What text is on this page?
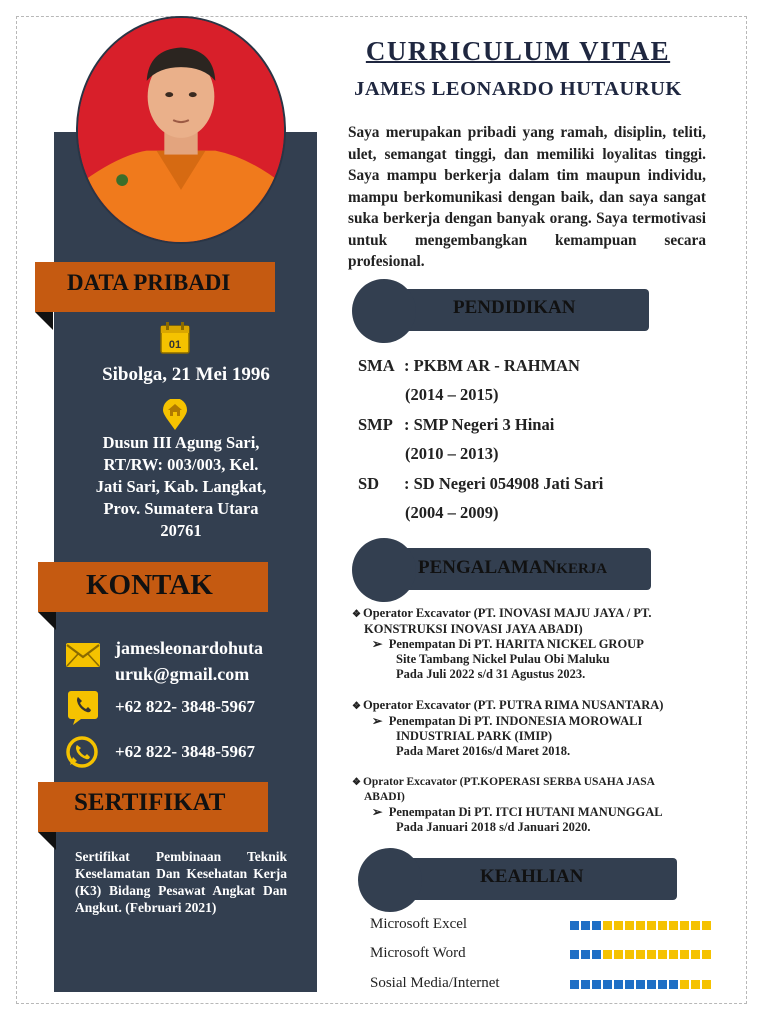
DATA PRIBADI
01
Sibolga, 21 Mei 1996
Dusun III Agung Sari,
RT/RW: 003/003, Kel.
Jati Sari, Kab. Langkat,
Prov. Sumatera Utara
20761
KONTAK
jamesleonardohuta
uruk@gmail.com
+62 822- 3848-5967
+62 822- 3848-5967
SERTIFIKAT
Sertifikat Pembinaan Teknik Keselamatan Dan Kesehatan Kerja (K3) Bidang Pesawat Angkat Dan Angkut. (Februari 2021)
CURRICULUM VITAE
JAMES LEONARDO HUTAURUK
Saya merupakan pribadi yang ramah, disiplin, teliti, ulet, semangat tinggi, dan memiliki loyalitas tinggi. Saya mampu berkerja dalam tim maupun individu, mampu berkomunikasi dengan baik, dan saya sangat suka berkerja dengan banyak orang. Saya termotivasi untuk mengembangkan kemampuan secara profesional.
PENDIDIKAN
SMA : PKBM AR - RAHMAN
(2014 – 2015)
SMP : SMP Negeri 3 Hinai
(2010 – 2013)
SD : SD Negeri 054908 Jati Sari
(2004 – 2009)
PENGALAMANKERJA
❖ Operator Excavator (PT. INOVASI MAJU JAYA / PT.
KONSTRUKSI INOVASI JAYA ABADI)
➢ Penempatan Di PT. HARITA NICKEL GROUP
Site Tambang Nickel Pulau Obi Maluku
Pada Juli 2022 s/d 31 Agustus 2023.
❖ Operator Excavator (PT. PUTRA RIMA NUSANTARA)
➢ Penempatan Di PT. INDONESIA MOROWALI
INDUSTRIAL PARK (IMIP)
Pada Maret 2016s/d Maret 2018.
❖ Oprator Excavator (PT.KOPERASI SERBA USAHA JASA
ABADI)
➢ Penempatan Di PT. ITCI HUTANI MANUNGGAL
Pada Januari 2018 s/d Januari 2020.
KEAHLIAN
Microsoft Excel
Microsoft Word
Sosial Media/Internet
